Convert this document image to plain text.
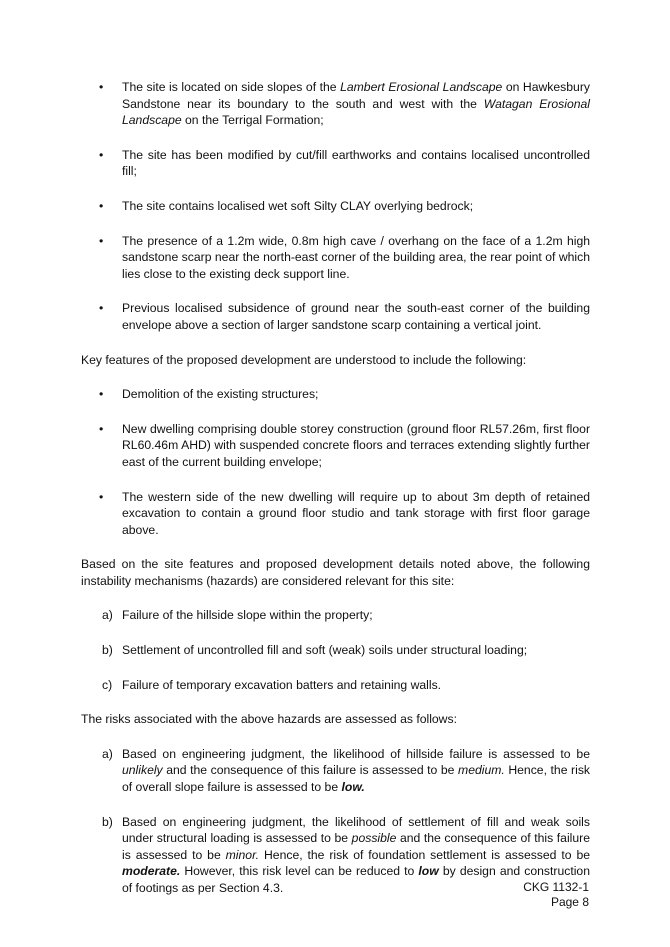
• The site is located on side slopes of the Lambert Erosional Landscape on Hawkesbury Sandstone near its boundary to the south and west with the Watagan Erosional Landscape on the Terrigal Formation;
• The site has been modified by cut/fill earthworks and contains localised uncontrolled fill;
• The site contains localised wet soft Silty CLAY overlying bedrock;
• The presence of a 1.2m wide, 0.8m high cave / overhang on the face of a 1.2m high sandstone scarp near the north-east corner of the building area, the rear point of which lies close to the existing deck support line.
• Previous localised subsidence of ground near the south-east corner of the building envelope above a section of larger sandstone scarp containing a vertical joint.

Key features of the proposed development are understood to include the following:

• Demolition of the existing structures;
• New dwelling comprising double storey construction (ground floor RL57.26m, first floor RL60.46m AHD) with suspended concrete floors and terraces extending slightly further east of the current building envelope;
• The western side of the new dwelling will require up to about 3m depth of retained excavation to contain a ground floor studio and tank storage with first floor garage above.

Based on the site features and proposed development details noted above, the following instability mechanisms (hazards) are considered relevant for this site:

a) Failure of the hillside slope within the property;
b) Settlement of uncontrolled fill and soft (weak) soils under structural loading;
c) Failure of temporary excavation batters and retaining walls.

The risks associated with the above hazards are assessed as follows:

a) Based on engineering judgment, the likelihood of hillside failure is assessed to be unlikely and the consequence of this failure is assessed to be medium. Hence, the risk of overall slope failure is assessed to be low.
b) Based on engineering judgment, the likelihood of settlement of fill and weak soils under structural loading is assessed to be possible and the consequence of this failure is assessed to be minor. Hence, the risk of foundation settlement is assessed to be moderate. However, this risk level can be reduced to low by design and construction of footings as per Section 4.3.	CKG 1132-1
Page 8
